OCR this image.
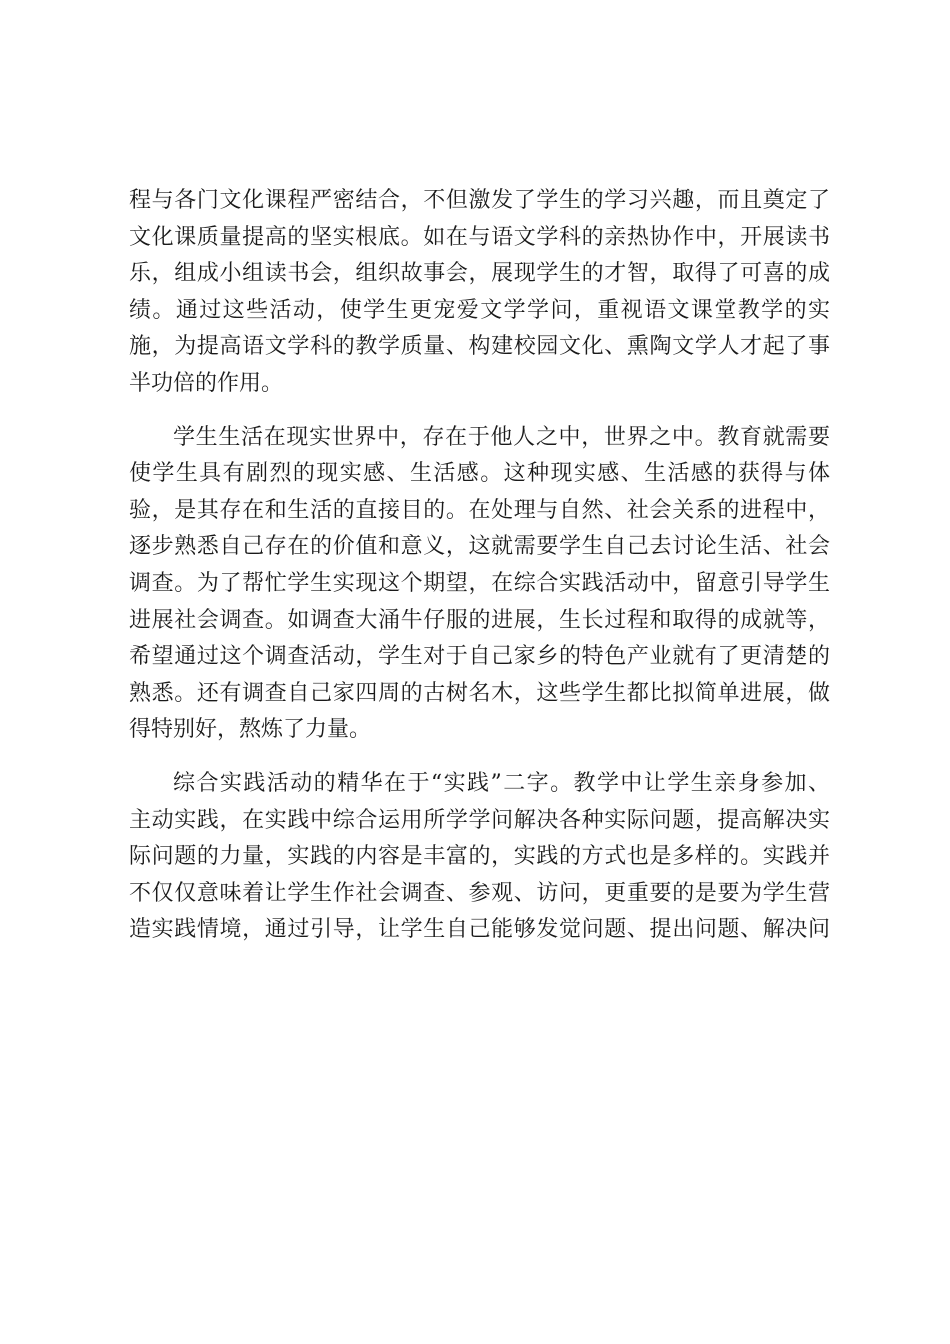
程与各门文化课程严密结合，不但激发了学生的学习兴趣，而且奠定了
文化课质量提高的坚实根底。如在与语文学科的亲热协作中，开展读书
乐，组成小组读书会，组织故事会，展现学生的才智，取得了可喜的成
绩。通过这些活动，使学生更宠爱文学学问，重视语文课堂教学的实
施，为提高语文学科的教学质量、构建校园文化、熏陶文学人才起了事
半功倍的作用。

学生生活在现实世界中，存在于他人之中，世界之中。教育就需要
使学生具有剧烈的现实感、生活感。这种现实感、生活感的获得与体
验，是其存在和生活的直接目的。在处理与自然、社会关系的进程中，
逐步熟悉自己存在的价值和意义，这就需要学生自己去讨论生活、社会
调查。为了帮忙学生实现这个期望，在综合实践活动中，留意引导学生
进展社会调查。如调查大涌牛仔服的进展，生长过程和取得的成就等，
希望通过这个调查活动，学生对于自己家乡的特色产业就有了更清楚的
熟悉。还有调查自己家四周的古树名木，这些学生都比拟简单进展，做
得特别好，熬炼了力量。

综合实践活动的精华在于“实践”二字。教学中让学生亲身参加、
主动实践，在实践中综合运用所学学问解决各种实际问题，提高解决实
际问题的力量，实践的内容是丰富的，实践的方式也是多样的。实践并
不仅仅意味着让学生作社会调查、参观、访问，更重要的是要为学生营
造实践情境，通过引导，让学生自己能够发觉问题、提出问题、解决问
